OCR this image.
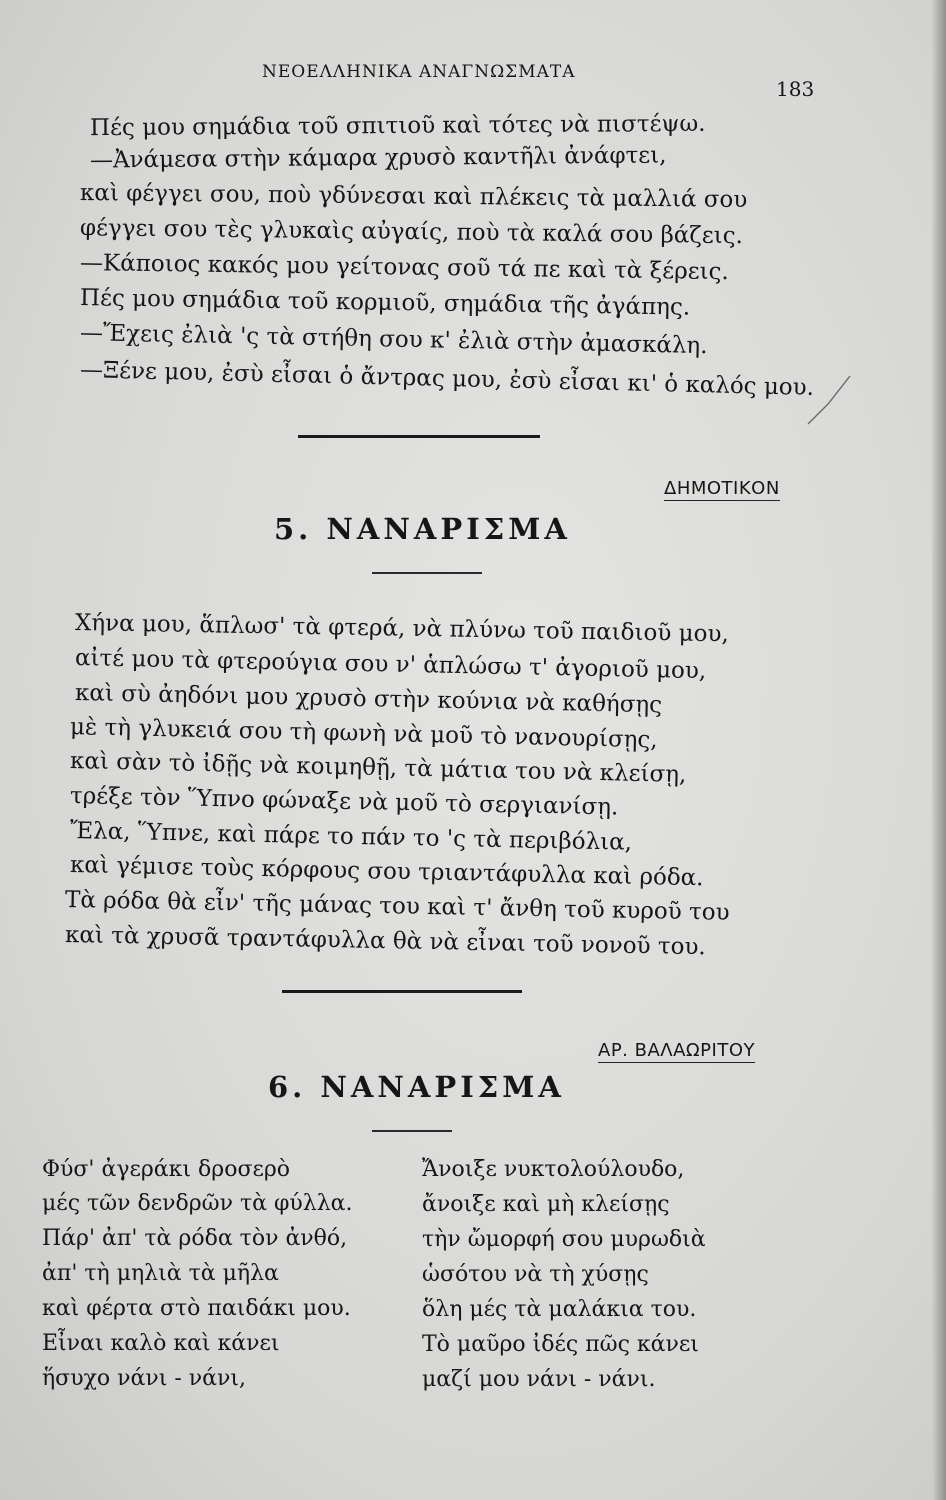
ΝΕΟΕΛΛΗΝΙΚΑ ΑΝΑΓΝΩΣΜΑΤΑ
183
Πές μου σημάδια τοῦ σπιτιοῦ καὶ τότες νὰ πιστέψω.
—Ἀνάμεσα στὴν κάμαρα χρυσὸ καντῆλι ἀνάφτει,
καὶ φέγγει σου, ποὺ γδύνεσαι καὶ πλέκεις τὰ μαλλιά σου
φέγγει σου τὲς γλυκαὶς αὐγαίς, ποὺ τὰ καλά σου βάζεις.
—Κάποιος κακός μου γείτονας σοῦ τά πε καὶ τὰ ξέρεις.
Πές μου σημάδια τοῦ κορμιοῦ, σημάδια τῆς ἀγάπης.
—Ἔχεις ἐλιὰ 'ς τὰ στήθη σου κ' ἐλιὰ στὴν ἀμασκάλη.
—Ξένε μου, ἐσὺ εἶσαι ὁ ἄντρας μου, ἐσὺ εἶσαι κι' ὁ καλός μου.
ΔΗΜΟΤΙΚΟΝ
5. ΝΑΝΑΡΙΣΜΑ
Χήνα μου, ἅπλωσ' τὰ φτερά, νὰ πλύνω τοῦ παιδιοῦ μου,
αἰτέ μου τὰ φτερούγια σου ν' ἁπλώσω τ' ἀγοριοῦ μου,
καὶ σὺ ἀηδόνι μου χρυσὸ στὴν κούνια νὰ καθήσῃς
μὲ τὴ γλυκειά σου τὴ φωνὴ νὰ μοῦ τὸ νανουρίσῃς,
καὶ σὰν τὸ ἰδῇς νὰ κοιμηθῇ, τὰ μάτια του νὰ κλείσῃ,
τρέξε τὸν Ὕπνο φώναξε νὰ μοῦ τὸ σεργιανίσῃ.
Ἔλα, Ὕπνε, καὶ πάρε το πάν το 'ς τὰ περιβόλια,
καὶ γέμισε τοὺς κόρφους σου τριαντάφυλλα καὶ ρόδα.
Τὰ ρόδα θὰ εἶν' τῆς μάνας του καὶ τ' ἄνθη τοῦ κυροῦ του
καὶ τὰ χρυσᾶ τραντάφυλλα θὰ νὰ εἶναι τοῦ νονοῦ του.
ΑΡ. ΒΑΛΑΩΡΙΤΟΥ
6. ΝΑΝΑΡΙΣΜΑ
Φύσ' ἀγεράκι δροσερὸ
μές τῶν δενδρῶν τὰ φύλλα.
Πάρ' ἀπ' τὰ ρόδα τὸν ἀνθό,
ἀπ' τὴ μηλιὰ τὰ μῆλα
καὶ φέρτα στὸ παιδάκι μου.
Εἶναι καλὸ καὶ κάνει
ἥσυχο νάνι - νάνι,
Ἄνοιξε νυκτολούλουδο,
ἄνοιξε καὶ μὴ κλείσῃς
τὴν ὤμορφή σου μυρωδιὰ
ὡσότου νὰ τὴ χύσῃς
ὅλη μές τὰ μαλάκια του.
Τὸ μαῦρο ἰδές πῶς κάνει
μαζί μου νάνι - νάνι.
